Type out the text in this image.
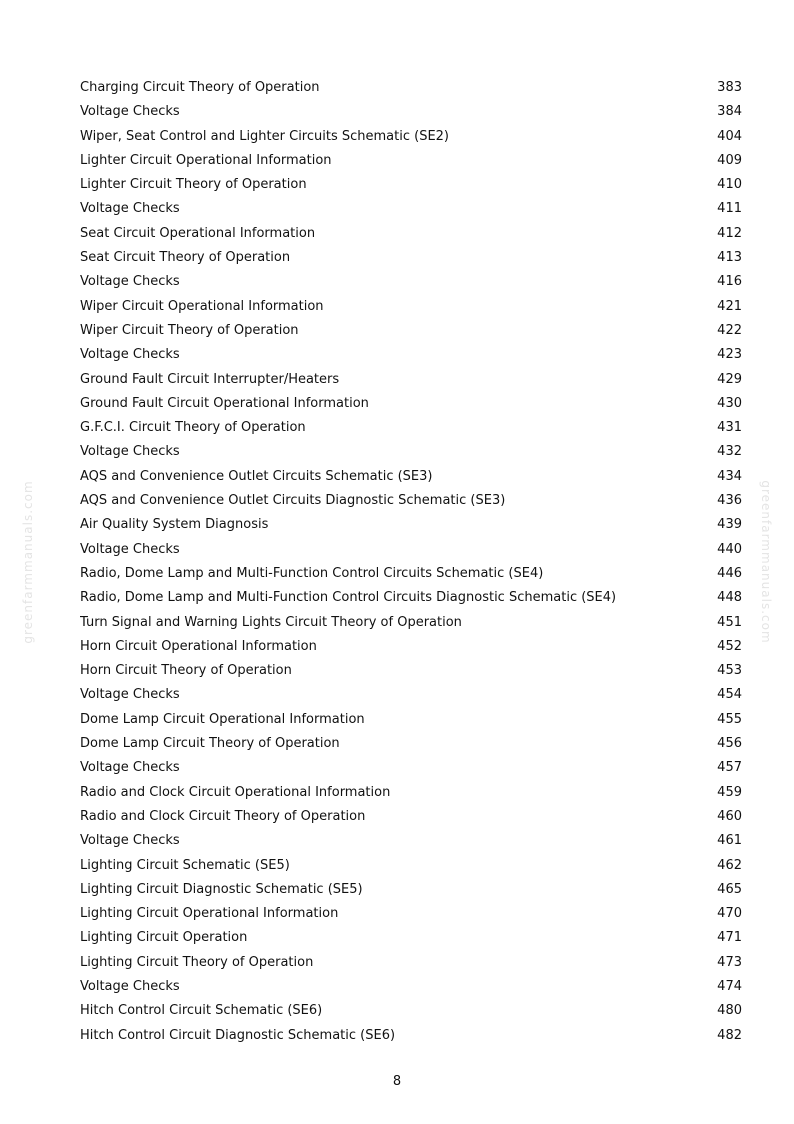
greenfarmmanuals.com	greenfarmmanuals.com
Charging Circuit Theory of Operation	383
Voltage Checks	384
Wiper, Seat Control and Lighter Circuits Schematic (SE2)	404
Lighter Circuit Operational Information	409
Lighter Circuit Theory of Operation	410
Voltage Checks	411
Seat Circuit Operational Information	412
Seat Circuit Theory of Operation	413
Voltage Checks	416
Wiper Circuit Operational Information	421
Wiper Circuit Theory of Operation	422
Voltage Checks	423
Ground Fault Circuit Interrupter/Heaters	429
Ground Fault Circuit Operational Information	430
G.F.C.I. Circuit Theory of Operation	431
Voltage Checks	432
AQS and Convenience Outlet Circuits Schematic (SE3)	434
AQS and Convenience Outlet Circuits Diagnostic Schematic (SE3)	436
Air Quality System Diagnosis	439
Voltage Checks	440
Radio, Dome Lamp and Multi-Function Control Circuits Schematic (SE4)	446
Radio, Dome Lamp and Multi-Function Control Circuits Diagnostic Schematic (SE4)	448
Turn Signal and Warning Lights Circuit Theory of Operation	451
Horn Circuit Operational Information	452
Horn Circuit Theory of Operation	453
Voltage Checks	454
Dome Lamp Circuit Operational Information	455
Dome Lamp Circuit Theory of Operation	456
Voltage Checks	457
Radio and Clock Circuit Operational Information	459
Radio and Clock Circuit Theory of Operation	460
Voltage Checks	461
Lighting Circuit Schematic (SE5)	462
Lighting Circuit Diagnostic Schematic (SE5)	465
Lighting Circuit Operational Information	470
Lighting Circuit Operation	471
Lighting Circuit Theory of Operation	473
Voltage Checks	474
Hitch Control Circuit Schematic (SE6)	480
Hitch Control Circuit Diagnostic Schematic (SE6)	482
8
